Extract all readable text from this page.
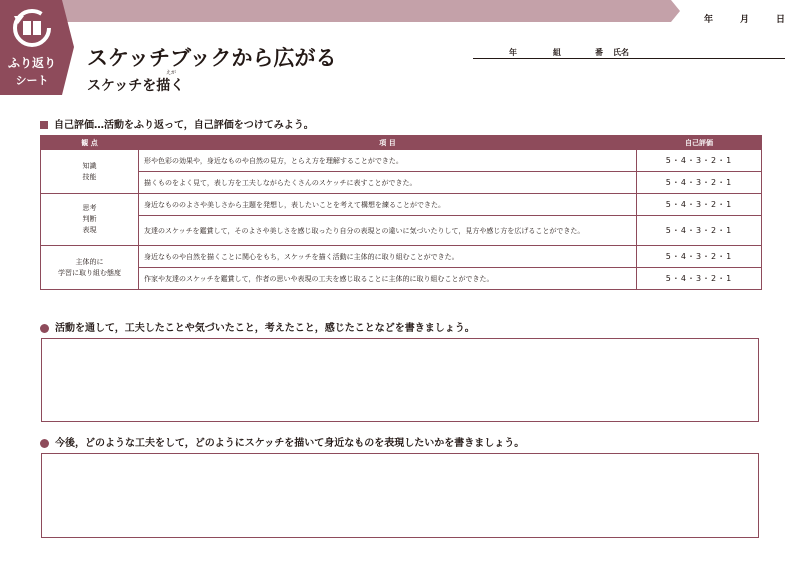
ふり返り
シート
年	月	日
スケッチブックから広がる
スケッチを描く
えが
年	組	番 氏名
自己評価…活動をふり返って，自己評価をつけてみよう。
観 点	項 目	自己評価
知識
技能	形や色彩の効果や，身近なものや自然の見方，とらえ方を理解することができた。	5・4・3・2・1
	描くものをよく見て，表し方を工夫しながらたくさんのスケッチに表すことができた。	5・4・3・2・1
思考
判断
表現	身近なもののよさや美しさから主題を発想し，表したいことを考えて構想を練ることができた。	5・4・3・2・1
	友達のスケッチを鑑賞して，そのよさや美しさを感じ取ったり自分の表現との違いに気づいたりして，見方や感じ方を広げることができた。	5・4・3・2・1
主体的に
学習に取り組む態度	身近なものや自然を描くことに関心をもち，スケッチを描く活動に主体的に取り組むことができた。	5・4・3・2・1
	作家や友達のスケッチを鑑賞して，作者の思いや表現の工夫を感じ取ることに主体的に取り組むことができた。	5・4・3・2・1
活動を通して，工夫したことや気づいたこと，考えたこと，感じたことなどを書きましょう。
今後，どのような工夫をして，どのようにスケッチを描いて身近なものを表現したいかを書きましょう。
